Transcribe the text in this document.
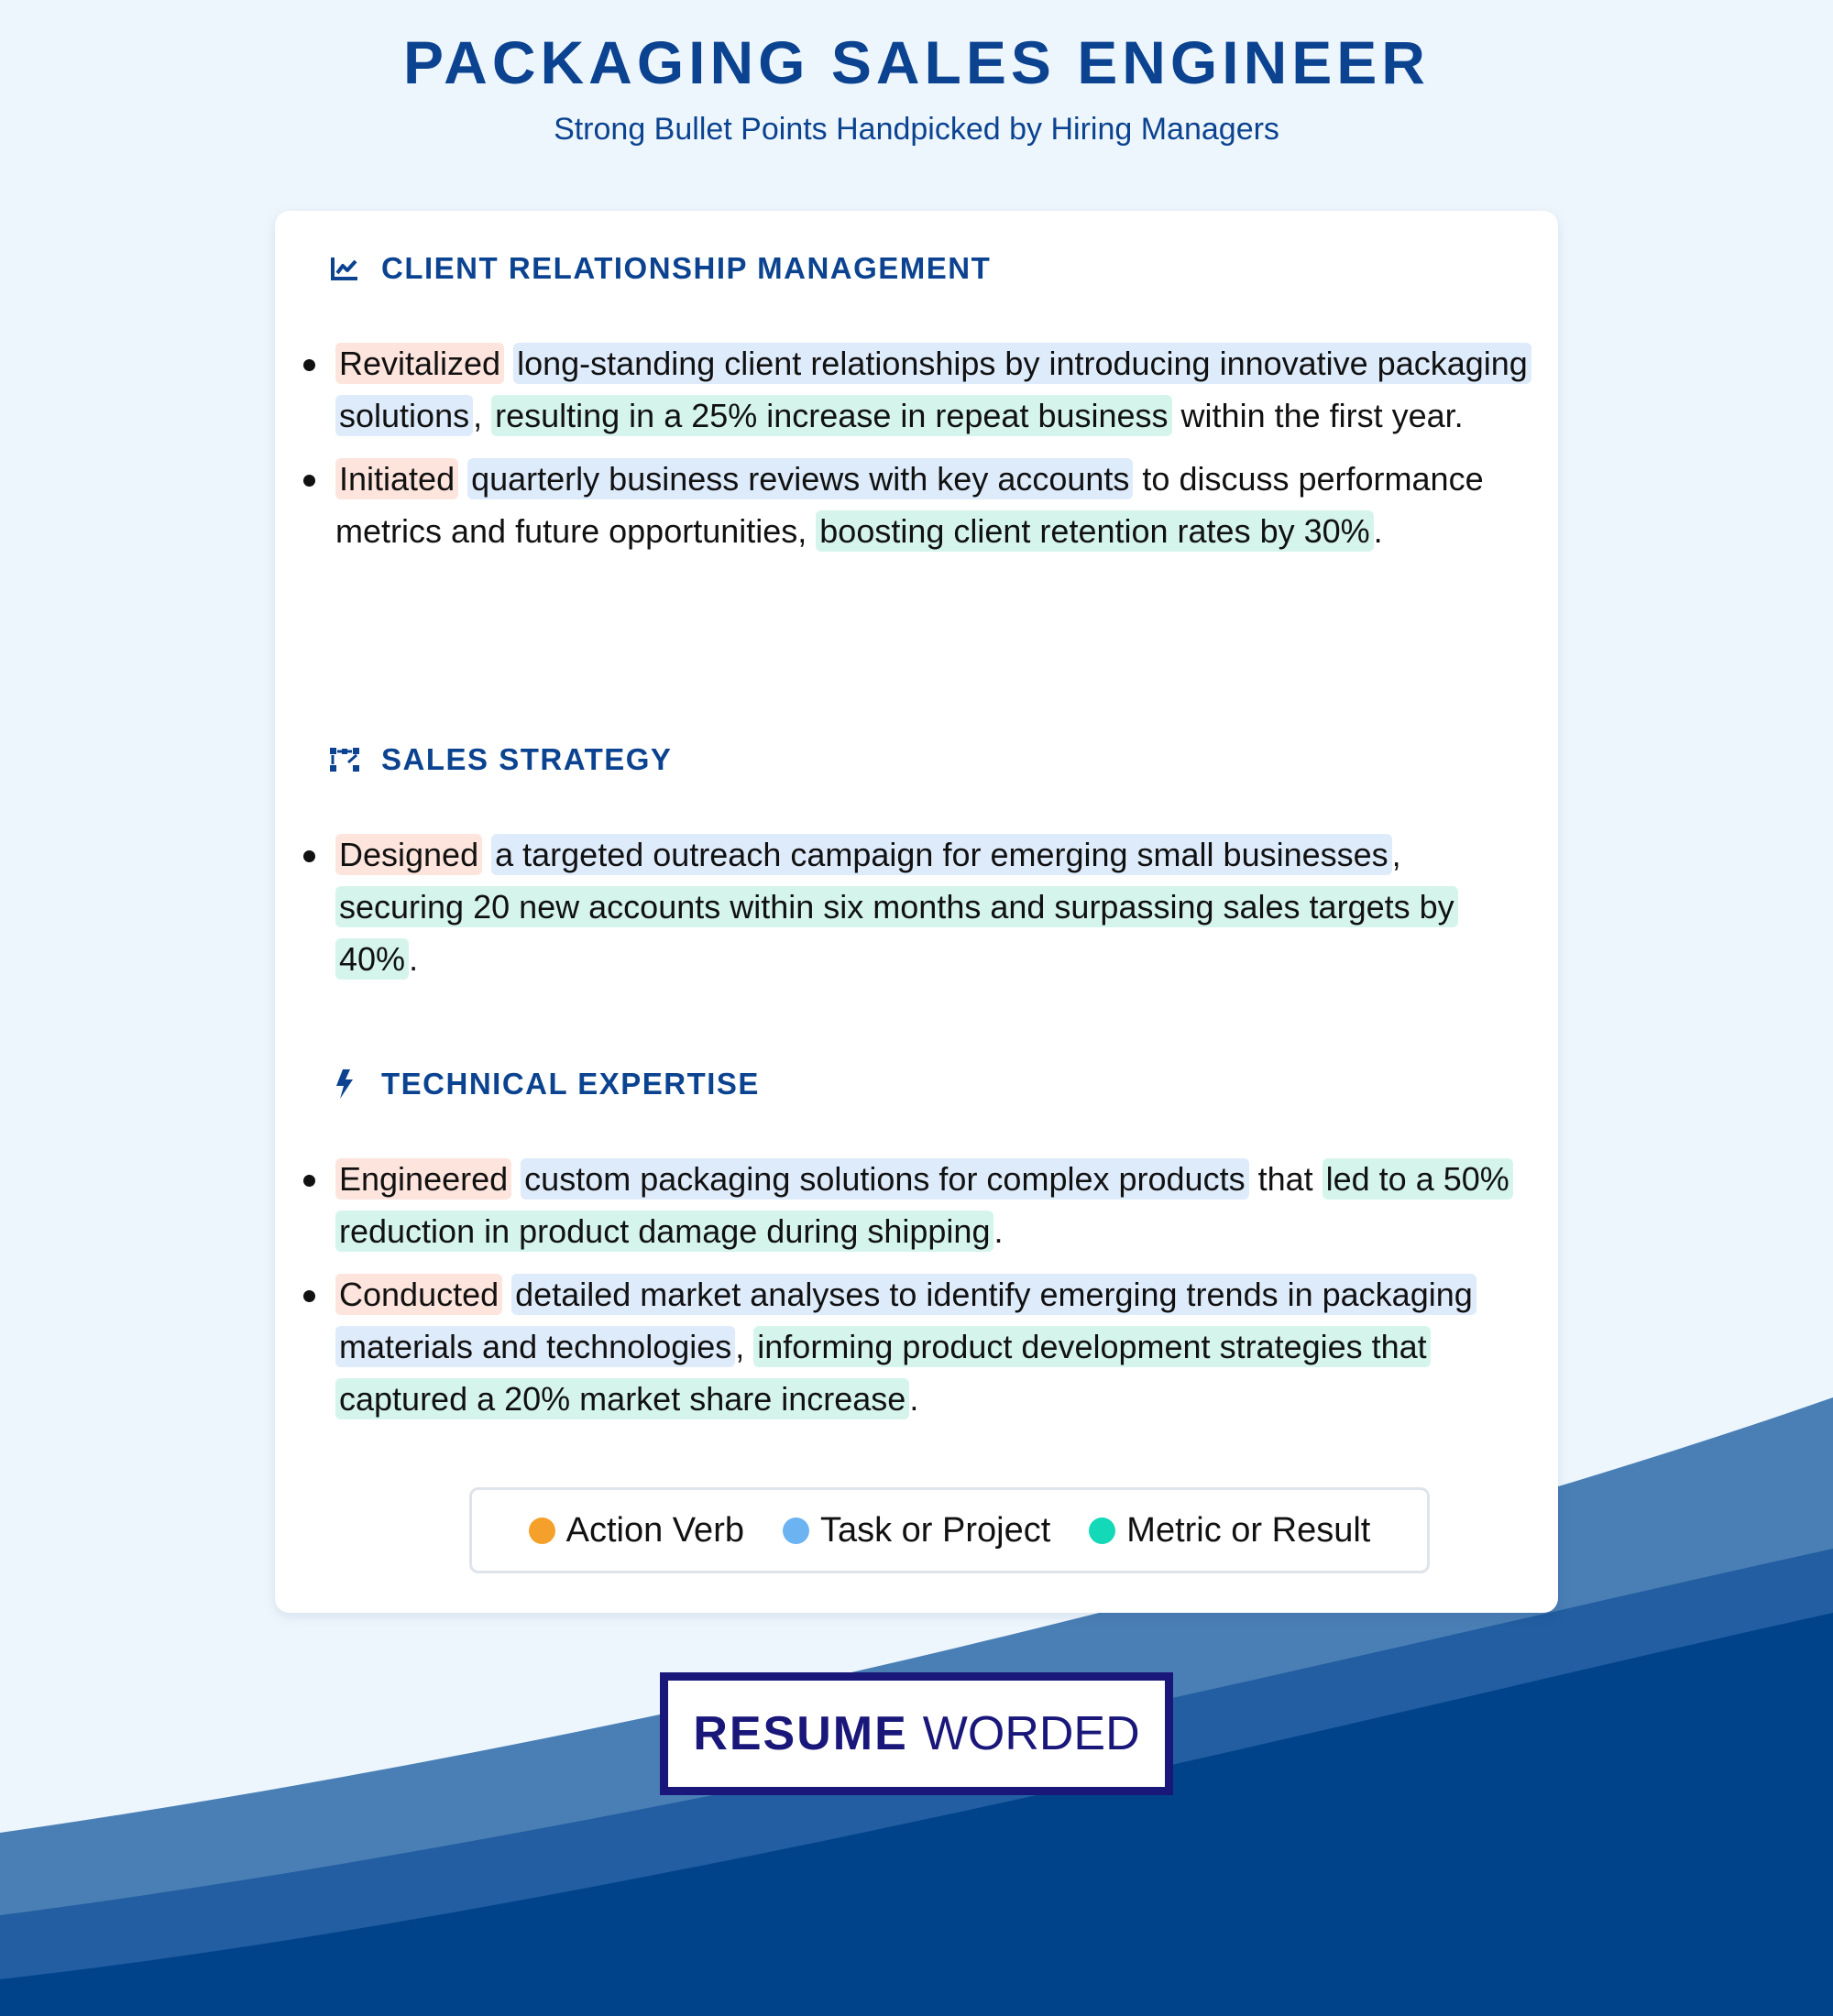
PACKAGING SALES ENGINEER
Strong Bullet Points Handpicked by Hiring Managers
CLIENT RELATIONSHIP MANAGEMENT
Revitalized long-standing client relationships by introducing innovative packaging solutions , resulting in a 25% increase in repeat business within the first year.
Initiated quarterly business reviews with key accounts to discuss performance metrics and future opportunities, boosting client retention rates by 30% .
SALES STRATEGY
Designed a targeted outreach campaign for emerging small businesses , securing 20 new accounts within six months and surpassing sales targets by 40% .
TECHNICAL EXPERTISE
Engineered custom packaging solutions for complex products that led to a 50% reduction in product damage during shipping .
Conducted detailed market analyses to identify emerging trends in packaging materials and technologies , informing product development strategies that captured a 20% market share increase .
Action Verb Task or Project Metric or Result
RESUME WORDED
